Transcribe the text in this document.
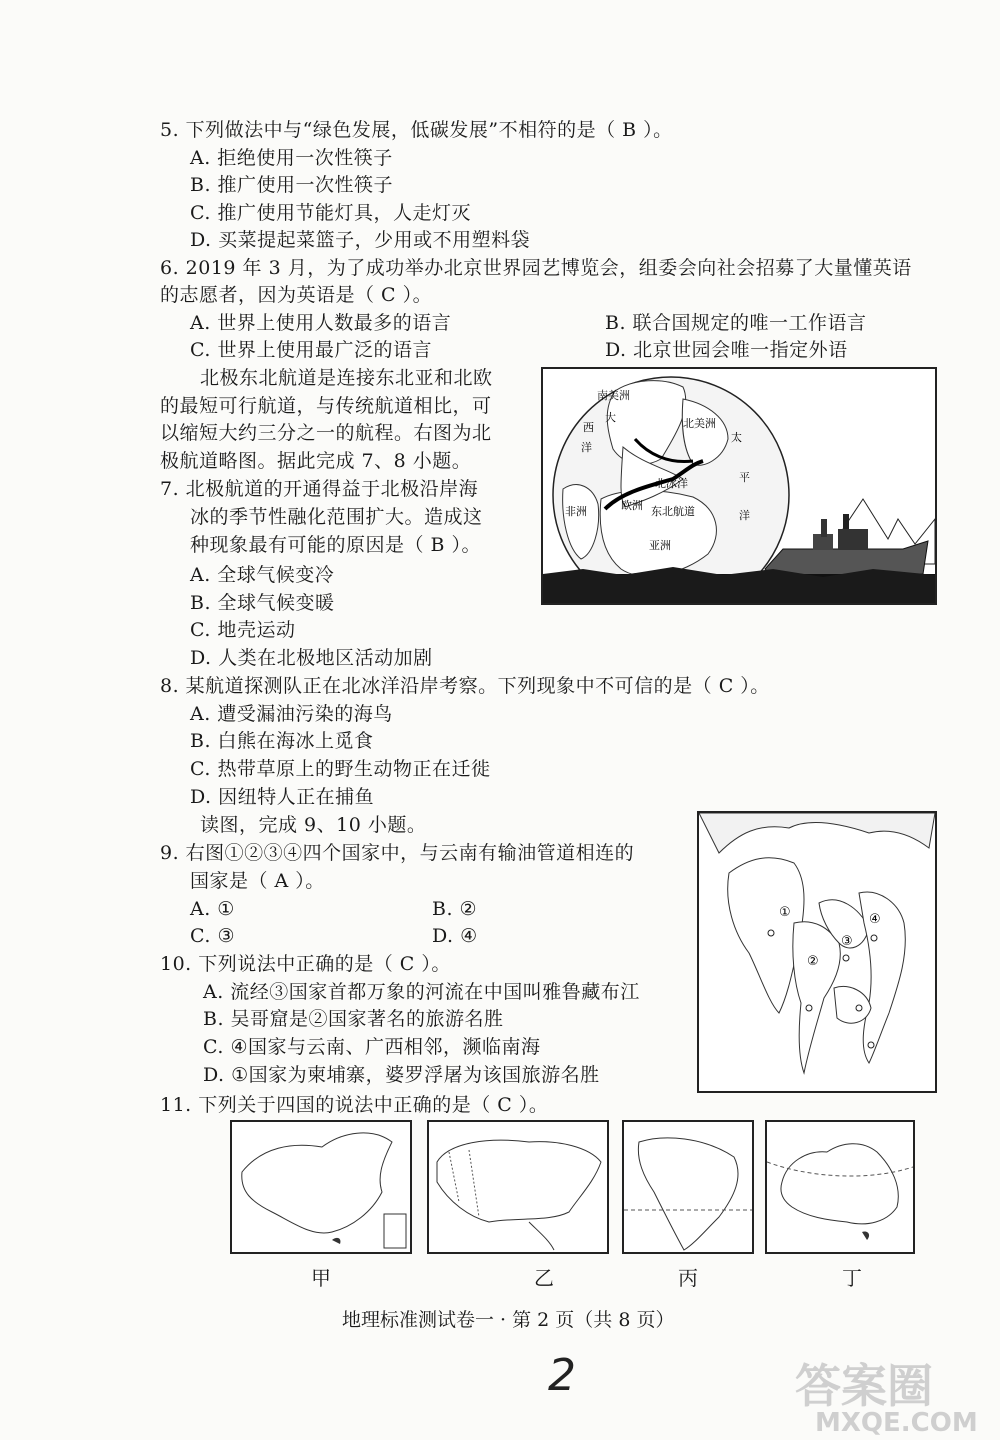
5. 下列做法中与“绿色发展，低碳发展”不相符的是（ B ）。
A. 拒绝使用一次性筷子
B. 推广使用一次性筷子
C. 推广使用节能灯具，人走灯灭
D. 买菜提起菜篮子，少用或不用塑料袋
6. 2019 年 3 月，为了成功举办北京世界园艺博览会，组委会向社会招募了大量懂英语
的志愿者，因为英语是（ C ）。
A. 世界上使用人数最多的语言	B. 联合国规定的唯一工作语言
C. 世界上使用最广泛的语言	D. 北京世园会唯一指定外语
北极东北航道是连接东北亚和北欧
的最短可行航道，与传统航道相比，可
以缩短大约三分之一的航程。右图为北
极航道略图。据此完成 7、8 小题。
7. 北极航道的开通得益于北极沿岸海
冰的季节性融化范围扩大。造成这
种现象最有可能的原因是（ B ）。
A. 全球气候变冷
B. 全球气候变暖
C. 地壳运动
D. 人类在北极地区活动加剧
南美洲
大
西
洋
北美洲
太
平
洋
北冰洋
非洲	欧洲 东北航道
亚洲
8. 某航道探测队正在北冰洋沿岸考察。下列现象中不可信的是（ C ）。
A. 遭受漏油污染的海鸟
B. 白熊在海冰上觅食
C. 热带草原上的野生动物正在迁徙
D. 因纽特人正在捕鱼
读图，完成 9、10 小题。
9. 右图①②③④四个国家中，与云南有输油管道相连的
国家是（ A ）。
A. ①	B. ②
C. ③	D. ④
10. 下列说法中正确的是（ C ）。
A. 流经③国家首都万象的河流在中国叫雅鲁藏布江
B. 吴哥窟是②国家著名的旅游名胜
C. ④国家与云南、广西相邻，濒临南海
D. ①国家为柬埔寨，婆罗浮屠为该国旅游名胜
①
②
③
④
11. 下列关于四国的说法中正确的是（ C ）。
甲	乙	丙	丁
地理标准测试卷一 · 第 2 页（共 8 页）
2	答案圈
MXQE.COM
